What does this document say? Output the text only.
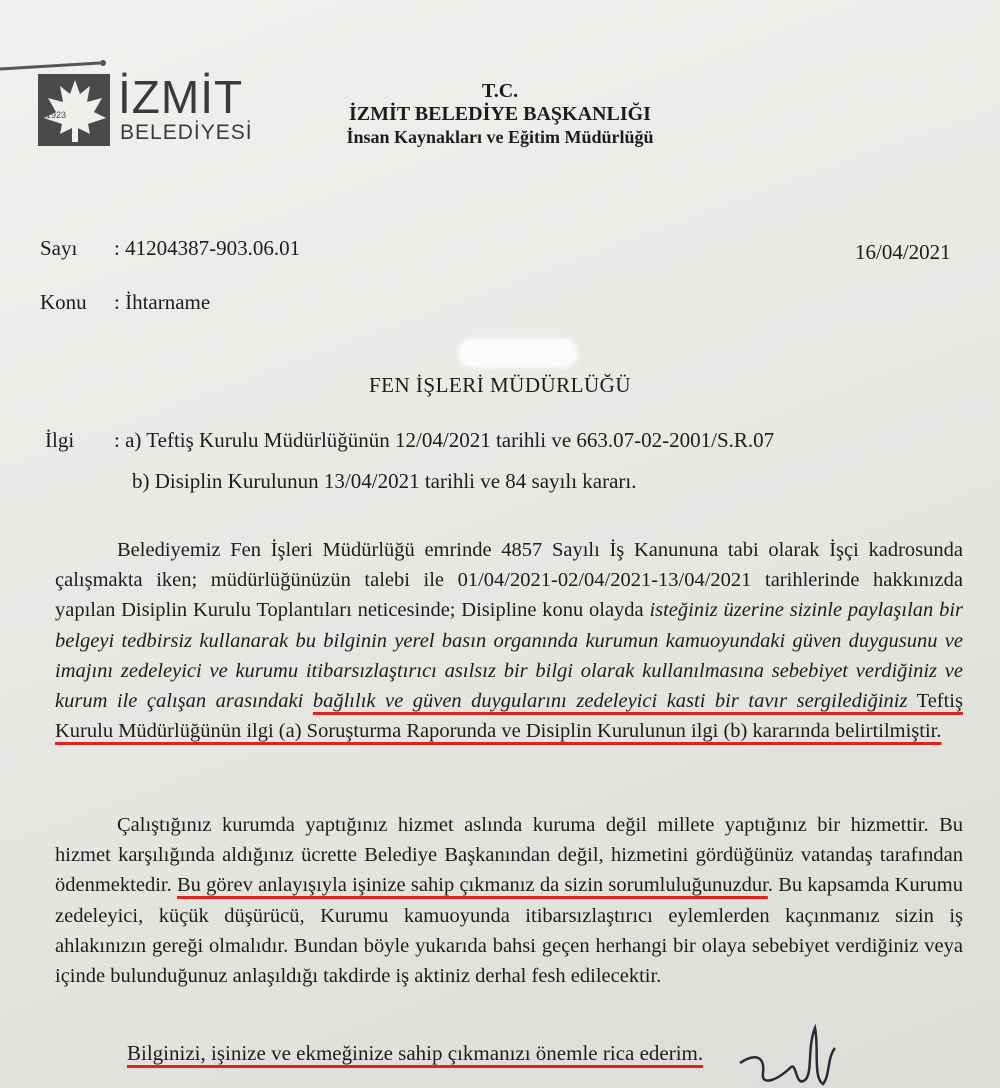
1923 İZMİT
BELEDİYESİ
T.C.
İZMİT BELEDİYE BAŞKANLIĞI
İnsan Kaynakları ve Eğitim Müdürlüğü
Sayı : 41204387-903.06.01	16/04/2021
Konu : İhtarname
FEN İŞLERİ MÜDÜRLÜĞÜ
İlgi : a) Teftiş Kurulu Müdürlüğünün 12/04/2021 tarihli ve 663.07-02-2001/S.R.07
b) Disiplin Kurulunun 13/04/2021 tarihli ve 84 sayılı kararı.

Belediyemiz Fen İşleri Müdürlüğü emrinde 4857 Sayılı İş Kanununa tabi olarak İşçi kadrosunda çalışmakta iken; müdürlüğünüzün talebi ile 01/04/2021-02/04/2021-13/04/2021 tarihlerinde hakkınızda yapılan Disiplin Kurulu Toplantıları neticesinde; Disipline konu olayda isteğiniz üzerine sizinle paylaşılan bir belgeyi tedbirsiz kullanarak bu bilginin yerel basın organında kurumun kamuoyundaki güven duygusunu ve imajını zedeleyici ve kurumu itibarsızlaştırıcı asılsız bir bilgi olarak kullanılmasına sebebiyet verdiğiniz ve kurum ile çalışan arasındaki bağlılık ve güven duygularını zedeleyici kasti bir tavır sergilediğiniz Teftiş Kurulu Müdürlüğünün ilgi (a) Soruşturma Raporunda ve Disiplin Kurulunun ilgi (b) kararında belirtilmiştir.

Çalıştığınız kurumda yaptığınız hizmet aslında kuruma değil millete yaptığınız bir hizmettir. Bu hizmet karşılığında aldığınız ücrette Belediye Başkanından değil, hizmetini gördüğünüz vatandaş tarafından ödenmektedir. Bu görev anlayışıyla işinize sahip çıkmanız da sizin sorumluluğunuzdur. Bu kapsamda Kurumu zedeleyici, küçük düşürücü, Kurumu kamuoyunda itibarsızlaştırıcı eylemlerden kaçınmanız sizin iş ahlakınızın gereği olmalıdır. Bundan böyle yukarıda bahsi geçen herhangi bir olaya sebebiyet verdiğiniz veya içinde bulunduğunuz anlaşıldığı takdirde iş aktiniz derhal fesh edilecektir.

Bilginizi, işinize ve ekmeğinize sahip çıkmanızı önemle rica ederim.
